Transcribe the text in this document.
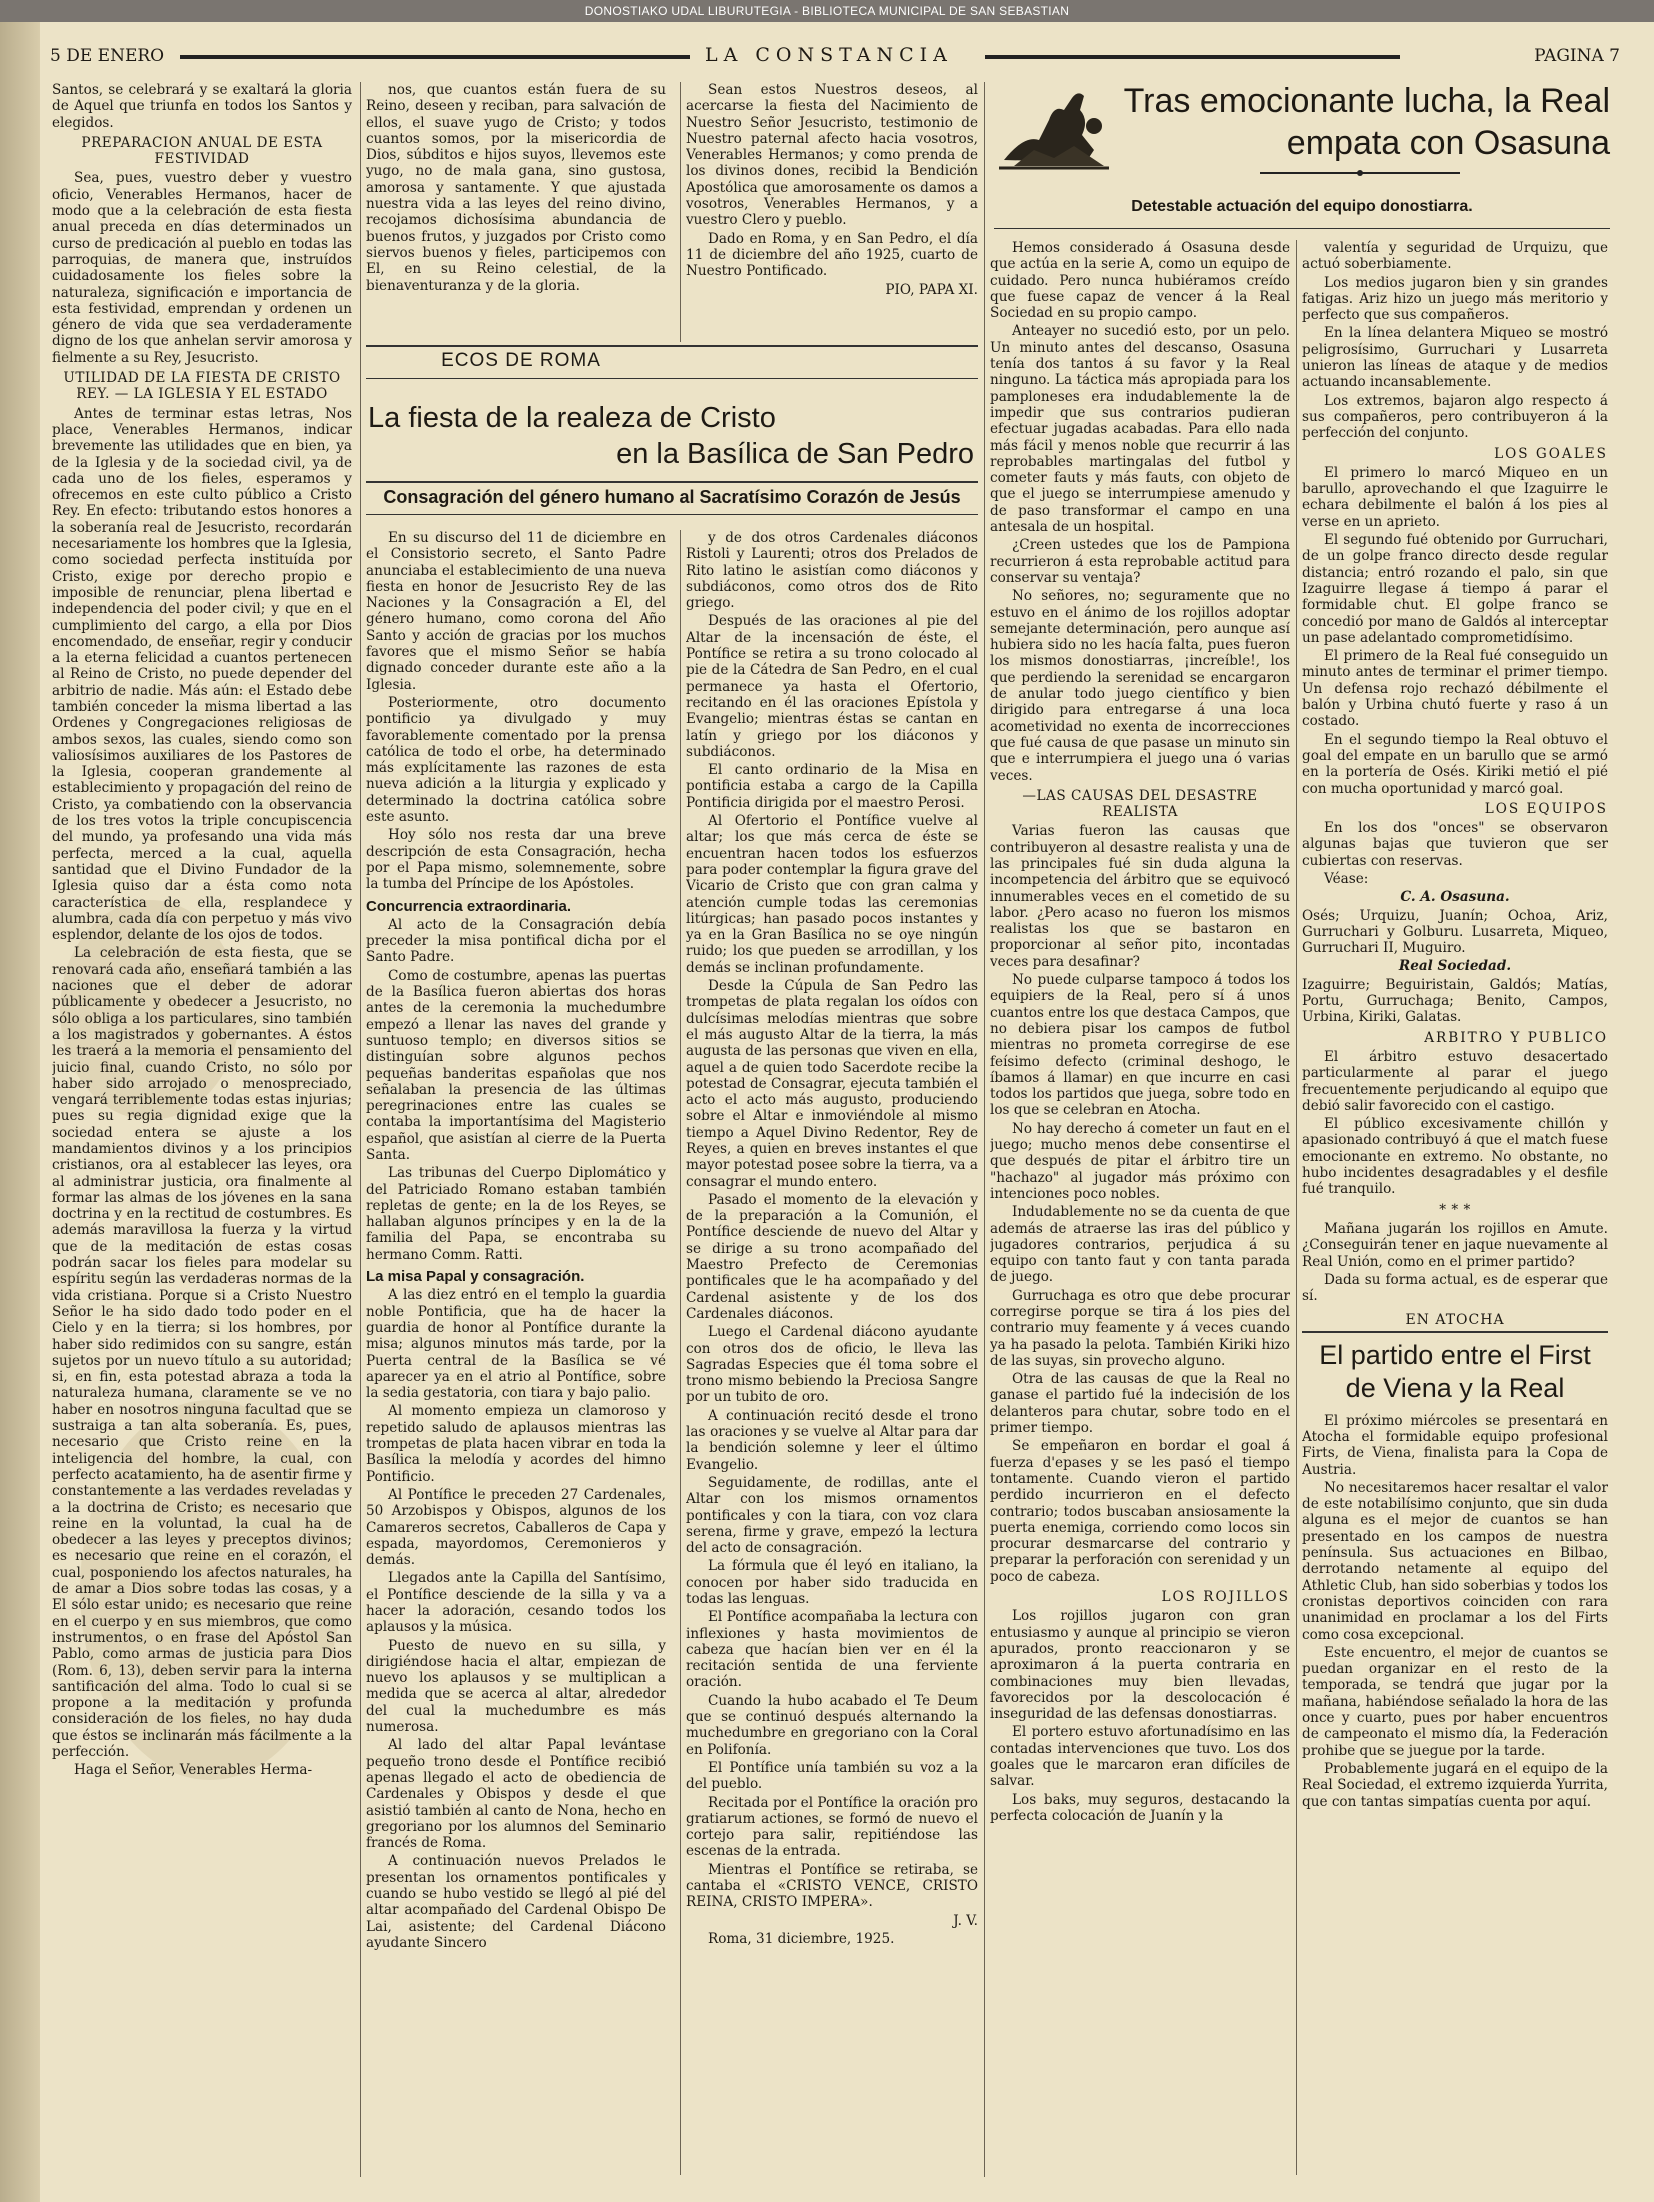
DONOSTIAKO UDAL LIBURUTEGIA - BIBLIOTECA MUNICIPAL DE SAN SEBASTIAN
5 DE ENERO	LA CONSTANCIA	PAGINA 7

Santos, se celebrará y se exaltará la gloria de Aquel que triunfa en todos los Santos y elegidos.

PREPARACION ANUAL DE ESTA FESTIVIDAD

Sea, pues, vuestro deber y vuestro oficio, Venerables Hermanos, hacer de modo que a la celebración de esta fiesta anual preceda en días determinados un curso de predicación al pueblo en todas las parroquias, de manera que, instruídos cuidadosamente los fieles sobre la naturaleza, significación e importancia de esta festividad, emprendan y ordenen un género de vida que sea verdaderamente digno de los que anhelan servir amorosa y fielmente a su Rey, Jesucristo.

UTILIDAD DE LA FIESTA DE CRISTO REY. — LA IGLESIA Y EL ESTADO

Antes de terminar estas letras, Nos place, Venerables Hermanos, indicar brevemente las utilidades que en bien, ya de la Iglesia y de la sociedad civil, ya de cada uno de los fieles, esperamos y ofrecemos en este culto público a Cristo Rey. En efecto: tributando estos honores a la soberanía real de Jesucristo, recordarán necesariamente los hombres que la Iglesia, como sociedad perfecta instituída por Cristo, exige por derecho propio e imposible de renunciar, plena libertad e independencia del poder civil; y que en el cumplimiento del cargo, a ella por Dios encomendado, de enseñar, regir y conducir a la eterna felicidad a cuantos pertenecen al Reino de Cristo, no puede depender del arbitrio de nadie. Más aún: el Estado debe también conceder la misma libertad a las Ordenes y Congregaciones religiosas de ambos sexos, las cuales, siendo como son valiosísimos auxiliares de los Pastores de la Iglesia, cooperan grandemente al establecimiento y propagación del reino de Cristo, ya combatiendo con la observancia de los tres votos la triple concupiscencia del mundo, ya profesando una vida más perfecta, merced a la cual, aquella santidad que el Divino Fundador de la Iglesia quiso dar a ésta como nota característica de ella, resplandece y alumbra, cada día con perpetuo y más vivo esplendor, delante de los ojos de todos.

La celebración de esta fiesta, que se renovará cada año, enseñará también a las naciones que el deber de adorar públicamente y obedecer a Jesucristo, no sólo obliga a los particulares, sino también a los magistrados y gobernantes. A éstos les traerá a la memoria el pensamiento del juicio final, cuando Cristo, no sólo por haber sido arrojado o menospreciado, vengará terriblemente todas estas injurias; pues su regia dignidad exige que la sociedad entera se ajuste a los mandamientos divinos y a los principios cristianos, ora al establecer las leyes, ora al administrar justicia, ora finalmente al formar las almas de los jóvenes en la sana doctrina y en la rectitud de costumbres. Es además maravillosa la fuerza y la virtud que de la meditación de estas cosas podrán sacar los fieles para modelar su espíritu según las verdaderas normas de la vida cristiana. Porque si a Cristo Nuestro Señor le ha sido dado todo poder en el Cielo y en la tierra; si los hombres, por haber sido redimidos con su sangre, están sujetos por un nuevo título a su autoridad; si, en fin, esta potestad abraza a toda la naturaleza humana, claramente se ve no haber en nosotros ninguna facultad que se sustraiga a tan alta soberanía. Es, pues, necesario que Cristo reine en la inteligencia del hombre, la cual, con perfecto acatamiento, ha de asentir firme y constantemente a las verdades reveladas y a la doctrina de Cristo; es necesario que reine en la voluntad, la cual ha de obedecer a las leyes y preceptos divinos; es necesario que reine en el corazón, el cual, posponiendo los afectos naturales, ha de amar a Dios sobre todas las cosas, y a El sólo estar unido; es necesario que reine en el cuerpo y en sus miembros, que como instrumentos, o en frase del Apóstol San Pablo, como armas de justicia para Dios (Rom. 6, 13), deben servir para la interna santificación del alma. Todo lo cual si se propone a la meditación y profunda consideración de los fieles, no hay duda que éstos se inclinarán más fácilmente a la perfección.

Haga el Señor, Venerables Herma-

nos, que cuantos están fuera de su Reino, deseen y reciban, para salvación de ellos, el suave yugo de Cristo; y todos cuantos somos, por la misericordia de Dios, súbditos e hijos suyos, llevemos este yugo, no de mala gana, sino gustosa, amorosa y santamente. Y que ajustada nuestra vida a las leyes del reino divino, recojamos dichosísima abundancia de buenos frutos, y juzgados por Cristo como siervos buenos y fieles, participemos con El, en su Reino celestial, de la bienaventuranza y de la gloria.

Sean estos Nuestros deseos, al acercarse la fiesta del Nacimiento de Nuestro Señor Jesucristo, testimonio de Nuestro paternal afecto hacia vosotros, Venerables Hermanos; y como prenda de los divinos dones, recibid la Bendición Apostólica que amorosamente os damos a vosotros, Venerables Hermanos, y a vuestro Clero y pueblo.

Dado en Roma, y en San Pedro, el día 11 de diciembre del año 1925, cuarto de Nuestro Pontificado.

PIO, PAPA XI.

ECOS DE ROMA
La fiesta de la realeza de Cristo
en la Basílica de San Pedro
Consagración del género humano al Sacratísimo Corazón de Jesús

En su discurso del 11 de diciembre en el Consistorio secreto, el Santo Padre anunciaba el establecimiento de una nueva fiesta en honor de Jesucristo Rey de las Naciones y la Consagración a El, del género humano, como corona del Año Santo y acción de gracias por los muchos favores que el mismo Señor se había dignado conceder durante este año a la Iglesia.

Posteriormente, otro documento pontificio ya divulgado y muy favorablemente comentado por la prensa católica de todo el orbe, ha determinado más explícitamente las razones de esta nueva adición a la liturgia y explicado y determinado la doctrina católica sobre este asunto.

Hoy sólo nos resta dar una breve descripción de esta Consagración, hecha por el Papa mismo, solemnemente, sobre la tumba del Príncipe de los Apóstoles.

Concurrencia extraordinaria.

Al acto de la Consagración debía preceder la misa pontifical dicha por el Santo Padre.

Como de costumbre, apenas las puertas de la Basílica fueron abiertas dos horas antes de la ceremonia la muchedumbre empezó a llenar las naves del grande y suntuoso templo; en diversos sitios se distinguían sobre algunos pechos pequeñas banderitas españolas que nos señalaban la presencia de las últimas peregrinaciones entre las cuales se contaba la importantísima del Magisterio español, que asistían al cierre de la Puerta Santa.

Las tribunas del Cuerpo Diplomático y del Patriciado Romano estaban también repletas de gente; en la de los Reyes, se hallaban algunos príncipes y en la de la familia del Papa, se encontraba su hermano Comm. Ratti.

La misa Papal y consagración.

A las diez entró en el templo la guardia noble Pontificia, que ha de hacer la guardia de honor al Pontífice durante la misa; algunos minutos más tarde, por la Puerta central de la Basílica se vé aparecer ya en el atrio al Pontífice, sobre la sedia gestatoria, con tiara y bajo palio.

Al momento empieza un clamoroso y repetido saludo de aplausos mientras las trompetas de plata hacen vibrar en toda la Basílica la melodía y acordes del himno Pontificio.

Al Pontífice le preceden 27 Cardenales, 50 Arzobispos y Obispos, algunos de los Camareros secretos, Caballeros de Capa y espada, mayordomos, Ceremonieros y demás.

Llegados ante la Capilla del Santísimo, el Pontífice desciende de la silla y va a hacer la adoración, cesando todos los aplausos y la música.

Puesto de nuevo en su silla, y dirigiéndose hacia el altar, empiezan de nuevo los aplausos y se multiplican a medida que se acerca al altar, alrededor del cual la muchedumbre es más numerosa.

Al lado del altar Papal levántase pequeño trono desde el Pontífice recibió apenas llegado el acto de obediencia de Cardenales y Obispos y desde el que asistió también al canto de Nona, hecho en gregoriano por los alumnos del Seminario francés de Roma.

A continuación nuevos Prelados le presentan los ornamentos pontificales y cuando se hubo vestido se llegó al pié del altar acompañado del Cardenal Obispo De Lai, asistente; del Cardenal Diácono ayudante Sincero

y de dos otros Cardenales diáconos Ristoli y Laurenti; otros dos Prelados de Rito latino le asistían como diáconos y subdiáconos, como otros dos de Rito griego.

Después de las oraciones al pie del Altar de la incensación de éste, el Pontífice se retira a su trono colocado al pie de la Cátedra de San Pedro, en el cual permanece ya hasta el Ofertorio, recitando en él las oraciones Epístola y Evangelio; mientras éstas se cantan en latín y griego por los diáconos y subdiáconos.

El canto ordinario de la Misa en pontificia estaba a cargo de la Capilla Pontificia dirigida por el maestro Perosi.

Al Ofertorio el Pontífice vuelve al altar; los que más cerca de éste se encuentran hacen todos los esfuerzos para poder contemplar la figura grave del Vicario de Cristo que con gran calma y atención cumple todas las ceremonias litúrgicas; han pasado pocos instantes y ya en la Gran Basílica no se oye ningún ruido; los que pueden se arrodillan, y los demás se inclinan profundamente.

Desde la Cúpula de San Pedro las trompetas de plata regalan los oídos con dulcísimas melodías mientras que sobre el más augusto Altar de la tierra, la más augusta de las personas que viven en ella, aquel a de quien todo Sacerdote recibe la potestad de Consagrar, ejecuta también el acto el acto más augusto, produciendo sobre el Altar e inmoviéndole al mismo tiempo a Aquel Divino Redentor, Rey de Reyes, a quien en breves instantes el que mayor potestad posee sobre la tierra, va a consagrar el mundo entero.

Pasado el momento de la elevación y de la preparación a la Comunión, el Pontífice desciende de nuevo del Altar y se dirige a su trono acompañado del Maestro Prefecto de Ceremonias pontificales que le ha acompañado y del Cardenal asistente y de los dos Cardenales diáconos.

Luego el Cardenal diácono ayudante con otros dos de oficio, le lleva las Sagradas Especies que él toma sobre el trono mismo bebiendo la Preciosa Sangre por un tubito de oro.

A continuación recitó desde el trono las oraciones y se vuelve al Altar para dar la bendición solemne y leer el último Evangelio.

Seguidamente, de rodillas, ante el Altar con los mismos ornamentos pontificales y con la tiara, con voz clara serena, firme y grave, empezó la lectura del acto de consagración.

La fórmula que él leyó en italiano, la conocen por haber sido traducida en todas las lenguas.

El Pontífice acompañaba la lectura con inflexiones y hasta movimientos de cabeza que hacían bien ver en él la recitación sentida de una ferviente oración.

Cuando la hubo acabado el Te Deum que se continuó después alternando la muchedumbre en gregoriano con la Coral en Polifonía.

El Pontífice unía también su voz a la del pueblo.

Recitada por el Pontífice la oración pro gratiarum actiones, se formó de nuevo el cortejo para salir, repitiéndose las escenas de la entrada.

Mientras el Pontífice se retiraba, se cantaba el «CRISTO VENCE, CRISTO REINA, CRISTO IMPERA».

J. V.

Roma, 31 diciembre, 1925.

Tras emocionante lucha, la Real empata con Osasuna
Detestable actuación del equipo donostiarra.

Hemos considerado á Osasuna desde que actúa en la serie A, como un equipo de cuidado. Pero nunca hubiéramos creído que fuese capaz de vencer á la Real Sociedad en su propio campo.

Anteayer no sucedió esto, por un pelo. Un minuto antes del descanso, Osasuna tenía dos tantos á su favor y la Real ninguno. La táctica más apropiada para los pamploneses era indudablemente la de impedir que sus contrarios pudieran efectuar jugadas acabadas. Para ello nada más fácil y menos noble que recurrir á las reprobables martingalas del futbol y cometer fauts y más fauts, con objeto de que el juego se interrumpiese amenudo y de paso transformar el campo en una antesala de un hospital.

¿Creen ustedes que los de Pampiona recurrieron á esta reprobable actitud para conservar su ventaja?

No señores, no; seguramente que no estuvo en el ánimo de los rojillos adoptar semejante determinación, pero aunque así hubiera sido no les hacía falta, pues fueron los mismos donostiarras, ¡increíble!, los que perdiendo la serenidad se encargaron de anular todo juego científico y bien dirigido para entregarse á una loca acometividad no exenta de incorrecciones que fué causa de que pasase un minuto sin que e interrumpiera el juego una ó varias veces.

—LAS CAUSAS DEL DESASTRE REALISTA

Varias fueron las causas que contribuyeron al desastre realista y una de las principales fué sin duda alguna la incompetencia del árbitro que se equivocó innumerables veces en el cometido de su labor. ¿Pero acaso no fueron los mismos realistas los que se bastaron en proporcionar al señor pito, incontadas veces para desafinar?

No puede culparse tampoco á todos los equipiers de la Real, pero sí á unos cuantos entre los que destaca Campos, que no debiera pisar los campos de futbol mientras no prometa corregirse de ese feísimo defecto (criminal deshogo, le íbamos á llamar) en que incurre en casi todos los partidos que juega, sobre todo en los que se celebran en Atocha.

No hay derecho á cometer un faut en el juego; mucho menos debe consentirse el que después de pitar el árbitro tire un "hachazo" al jugador más próximo con intenciones poco nobles.

Indudablemente no se da cuenta de que además de atraerse las iras del público y jugadores contrarios, perjudica á su equipo con tanto faut y con tanta parada de juego.

Gurruchaga es otro que debe procurar corregirse porque se tira á los pies del contrario muy feamente y á veces cuando ya ha pasado la pelota. También Kiriki hizo de las suyas, sin provecho alguno.

Otra de las causas de que la Real no ganase el partido fué la indecisión de los delanteros para chutar, sobre todo en el primer tiempo.

Se empeñaron en bordar el goal á fuerza d'epases y se les pasó el tiempo tontamente. Cuando vieron el partido perdido incurrieron en el defecto contrario; todos buscaban ansiosamente la puerta enemiga, corriendo como locos sin procurar desmarcarse del contrario y preparar la perforación con serenidad y un poco de cabeza.

LOS ROJILLOS

Los rojillos jugaron con gran entusiasmo y aunque al principio se vieron apurados, pronto reaccionaron y se aproximaron á la puerta contraria en combinaciones muy bien llevadas, favorecidos por la descolocación é inseguridad de las defensas donostiarras.

El portero estuvo afortunadísimo en las contadas intervenciones que tuvo. Los dos goales que le marcaron eran difíciles de salvar.

Los baks, muy seguros, destacando la perfecta colocación de Juanín y la

valentía y seguridad de Urquizu, que actuó soberbiamente.

Los medios jugaron bien y sin grandes fatigas. Ariz hizo un juego más meritorio y perfecto que sus compañeros.

En la línea delantera Miqueo se mostró peligrosísimo, Gurruchari y Lusarreta unieron las líneas de ataque y de medios actuando incansablemente.

Los extremos, bajaron algo respecto á sus compañeros, pero contribuyeron á la perfección del conjunto.

LOS GOALES

El primero lo marcó Miqueo en un barullo, aprovechando el que Izaguirre le echara debilmente el balón á los pies al verse en un aprieto.

El segundo fué obtenido por Gurruchari, de un golpe franco directo desde regular distancia; entró rozando el palo, sin que Izaguirre llegase á tiempo á parar el formidable chut. El golpe franco se concedió por mano de Galdós al interceptar un pase adelantado comprometidísimo.

El primero de la Real fué conseguido un minuto antes de terminar el primer tiempo. Un defensa rojo rechazó débilmente el balón y Urbina chutó fuerte y raso á un costado.

En el segundo tiempo la Real obtuvo el goal del empate en un barullo que se armó en la portería de Osés. Kiriki metió el pié con mucha oportunidad y marcó goal.

LOS EQUIPOS

En los dos "onces" se observaron algunas bajas que tuvieron que ser cubiertas con reservas.

Véase:

C. A. Osasuna.
Osés; Urquizu, Juanín; Ochoa, Ariz, Gurruchari y Golburu. Lusarreta, Miqueo, Gurruchari II, Muguiro.
Real Sociedad.
Izaguirre; Beguiristain, Galdós; Matías, Portu, Gurruchaga; Benito, Campos, Urbina, Kiriki, Galatas.
ARBITRO Y PUBLICO

El árbitro estuvo desacertado particularmente al parar el juego frecuentemente perjudicando al equipo que debió salir favorecido con el castigo.

El público excesivamente chillón y apasionado contribuyó á que el match fuese emocionante en extremo. No obstante, no hubo incidentes desagradables y el desfile fué tranquilo.

* * *

Mañana jugarán los rojillos en Amute. ¿Conseguirán tener en jaque nuevamente al Real Unión, como en el primer partido?

Dada su forma actual, es de esperar que sí.

EN ATOCHA
El partido entre el First de Viena y la Real

El próximo miércoles se presentará en Atocha el formidable equipo profesional Firts, de Viena, finalista para la Copa de Austria.

No necesitaremos hacer resaltar el valor de este notabilísimo conjunto, que sin duda alguna es el mejor de cuantos se han presentado en los campos de nuestra península. Sus actuaciones en Bilbao, derrotando netamente al equipo del Athletic Club, han sido soberbias y todos los cronistas deportivos coinciden con rara unanimidad en proclamar a los del Firts como cosa excepcional.

Este encuentro, el mejor de cuantos se puedan organizar en el resto de la temporada, se tendrá que jugar por la mañana, habiéndose señalado la hora de las once y cuarto, pues por haber encuentros de campeonato el mismo día, la Federación prohibe que se juegue por la tarde.

Probablemente jugará en el equipo de la Real Sociedad, el extremo izquierda Yurrita, que con tantas simpatías cuenta por aquí.
